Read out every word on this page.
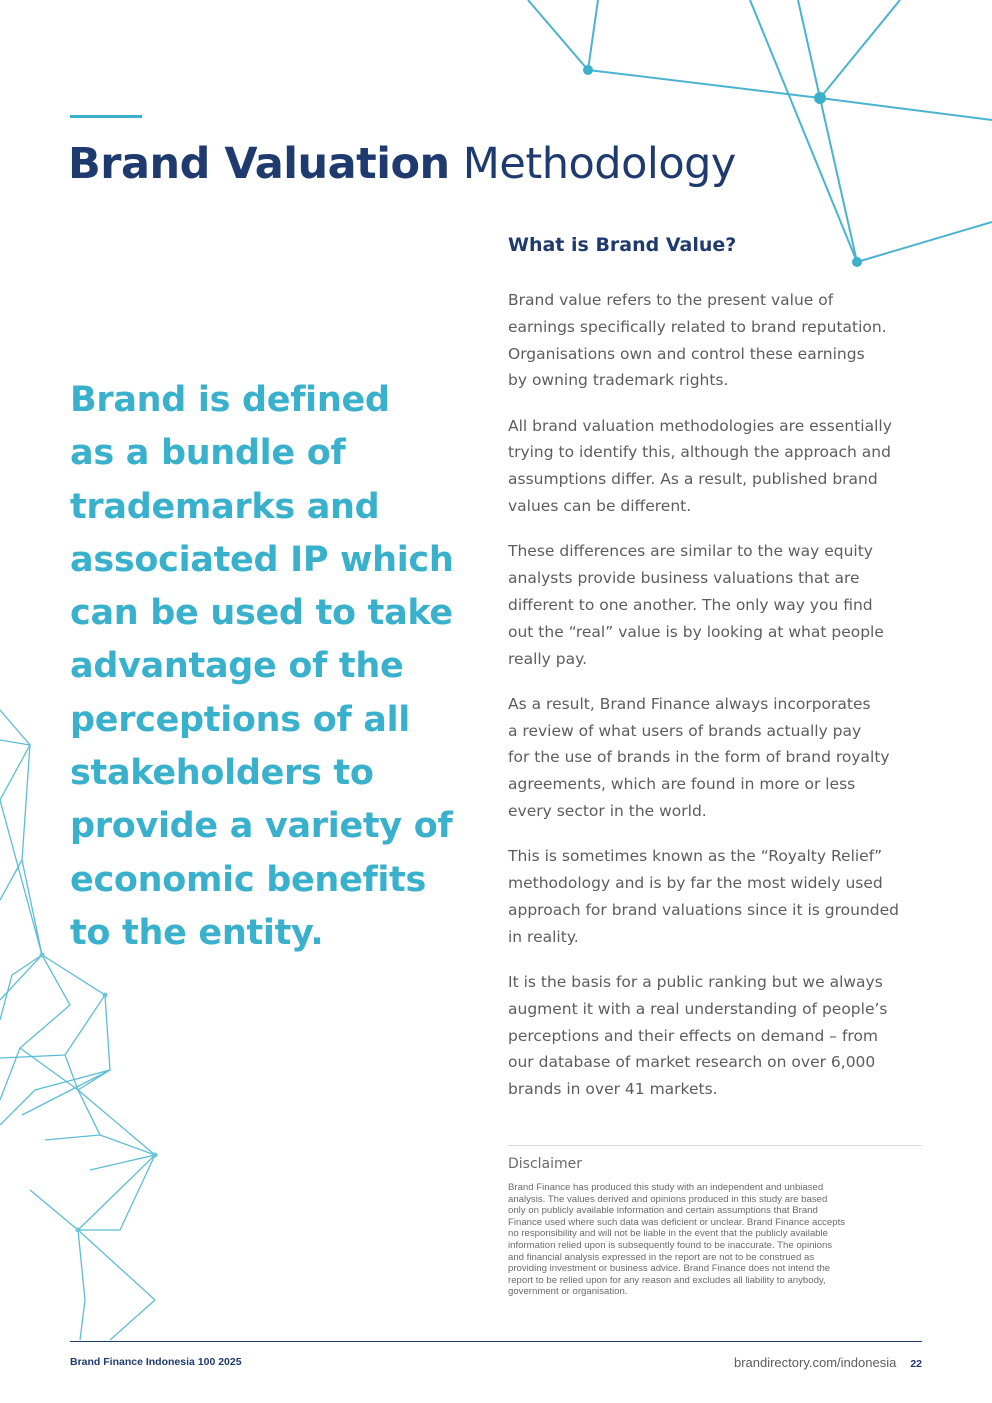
Brand Valuation Methodology
Brand is defined
as a bundle of
trademarks and
associated IP which
can be used to take
advantage of the
perceptions of all
stakeholders to
provide a variety of
economic benefits
to the entity.
What is Brand Value?

Brand value refers to the present value of
earnings specifically related to brand reputation.
Organisations own and control these earnings
by owning trademark rights.

All brand valuation methodologies are essentially
trying to identify this, although the approach and
assumptions differ. As a result, published brand
values can be different.

These differences are similar to the way equity
analysts provide business valuations that are
different to one another. The only way you find
out the “real” value is by looking at what people
really pay.

As a result, Brand Finance always incorporates
a review of what users of brands actually pay
for the use of brands in the form of brand royalty
agreements, which are found in more or less
every sector in the world.

This is sometimes known as the “Royalty Relief”
methodology and is by far the most widely used
approach for brand valuations since it is grounded
in reality.

It is the basis for a public ranking but we always
augment it with a real understanding of people’s
perceptions and their effects on demand – from
our database of market research on over 6,000
brands in over 41 markets.

Disclaimer
Brand Finance has produced this study with an independent and unbiased
analysis. The values derived and opinions produced in this study are based
only on publicly available information and certain assumptions that Brand
Finance used where such data was deficient or unclear. Brand Finance accepts
no responsibility and will not be liable in the event that the publicly available
information relied upon is subsequently found to be inaccurate. The opinions
and financial analysis expressed in the report are not to be construed as
providing investment or business advice. Brand Finance does not intend the
report to be relied upon for any reason and excludes all liability to anybody,
government or organisation.
Brand Finance Indonesia 100 2025	brandirectory.com/indonesia 22
